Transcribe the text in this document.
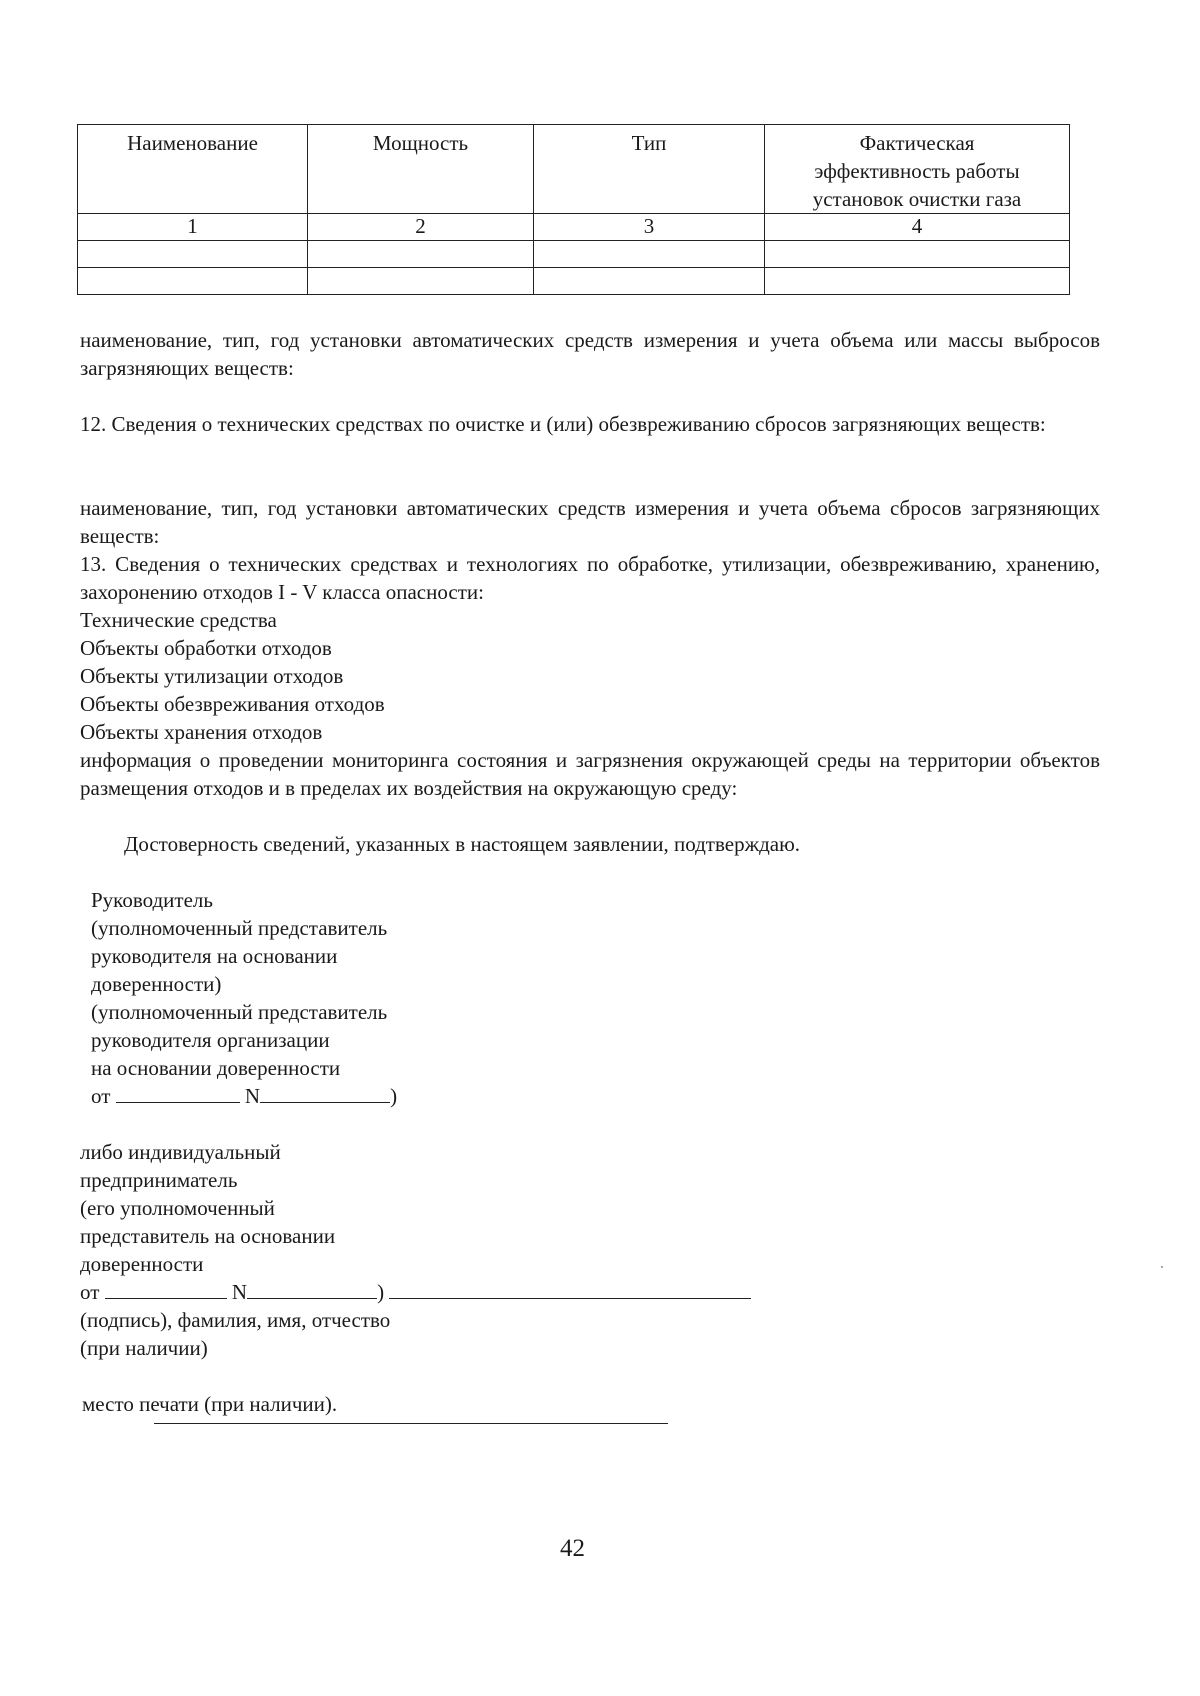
Наименование	Мощность	Тип	Фактическая
эффективность работы
установок очистки газа

1	2	3	4

наименование, тип, год установки автоматических средств измерения и учета объема или массы выбросов загрязняющих веществ:

12. Сведения о технических средствах по очистке и (или) обезвреживанию сбросов загрязняющих веществ:

наименование, тип, год установки автоматических средств измерения и учета объема сбросов загрязняющих веществ:

13. Сведения о технических средствах и технологиях по обработке, утилизации, обезвреживанию, хранению, захоронению отходов I - V класса опасности:

Технические средства

Объекты обработки отходов

Объекты утилизации отходов

Объекты обезвреживания отходов

Объекты хранения отходов

информация о проведении мониторинга состояния и загрязнения окружающей среды на территории объектов размещения отходов и в пределах их воздействия на окружающую среду:

Достоверность сведений, указанных в настоящем заявлении, подтверждаю.

Руководитель

(уполномоченный представитель

руководителя на основании

доверенности)

(уполномоченный представитель

руководителя организации

на основании доверенности

от	N	)

либо индивидуальный

предприниматель

(его уполномоченный

представитель на основании

доверенности

от	N	)

(подпись), фамилия, имя, отчество

(при наличии)

место печати (при наличии).

42
